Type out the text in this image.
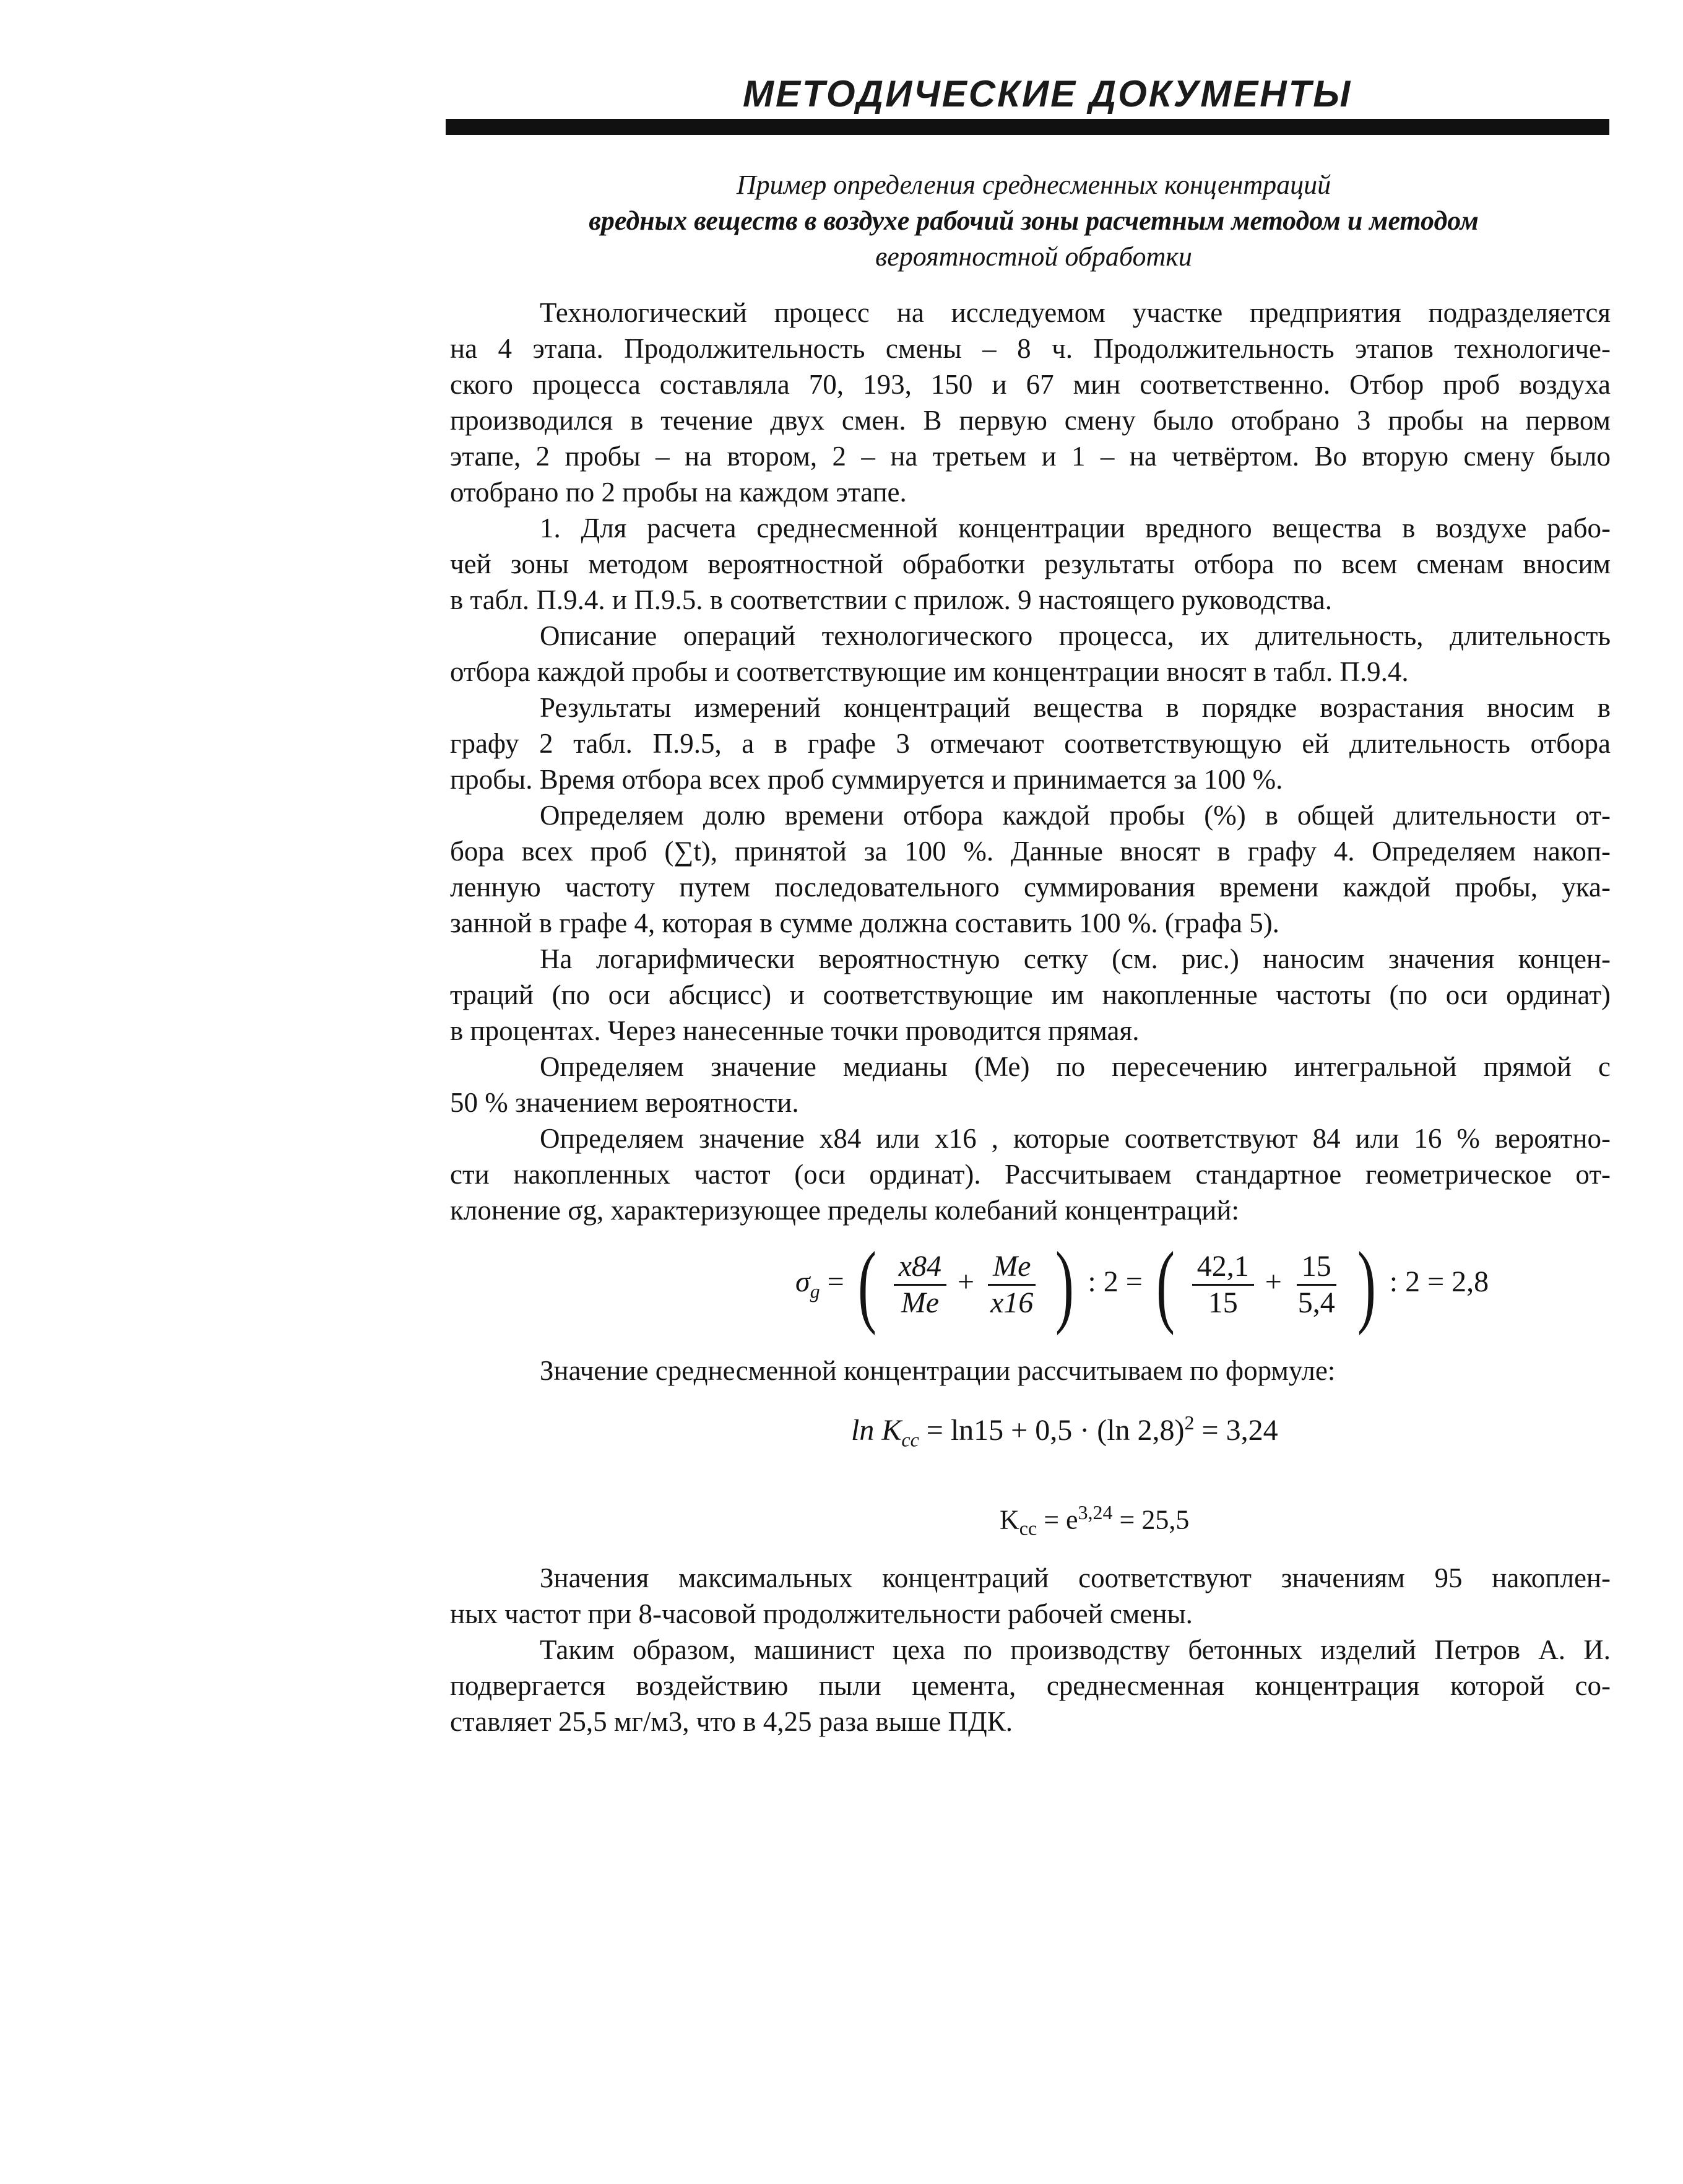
МЕТОДИЧЕСКИЕ ДОКУМЕНТЫ
Пример определения среднесменных концентраций
вредных веществ в воздухе рабочий зоны расчетным методом и методом
вероятностной обработки
Технологический процесс на исследуемом участке предприятия подразделяется
на 4 этапа. Продолжительность смены – 8 ч. Продолжительность этапов технологиче-
ского процесса составляла 70, 193, 150 и 67 мин соответственно. Отбор проб воздуха
производился в течение двух смен. В первую смену было отобрано 3 пробы на первом
этапе, 2 пробы – на втором, 2 – на третьем и 1 – на четвёртом. Во вторую смену было
отобрано по 2 пробы на каждом этапе.
1. Для расчета среднесменной концентрации вредного вещества в воздухе рабо-
чей зоны методом вероятностной обработки результаты отбора по всем сменам вносим
в табл. П.9.4. и П.9.5. в соответствии с прилож. 9 настоящего руководства.
Описание операций технологического процесса, их длительность, длительность
отбора каждой пробы и соответствующие им концентрации вносят в табл. П.9.4.
Результаты измерений концентраций вещества в порядке возрастания вносим в
графу 2 табл. П.9.5, а в графе 3 отмечают соответствующую ей длительность отбора
пробы. Время отбора всех проб суммируется и принимается за 100 %.
Определяем долю времени отбора каждой пробы (%) в общей длительности от-
бора всех проб (∑t), принятой за 100 %. Данные вносят в графу 4. Определяем накоп-
ленную частоту путем последовательного суммирования времени каждой пробы, ука-
занной в графе 4, которая в сумме должна составить 100 %. (графа 5).
На логарифмически вероятностную сетку (см. рис.) наносим значения концен-
траций (по оси абсцисс) и соответствующие им накопленные частоты (по оси ординат)
в процентах. Через нанесенные точки проводится прямая.
Определяем значение медианы (Ме) по пересечению интегральной прямой с
50 % значением вероятности.
Определяем значение x84 или x16 , которые соответствуют 84 или 16 % вероятно-
сти накопленных частот (оси ординат). Рассчитываем стандартное геометрическое от-
клонение σg, характеризующее пределы колебаний концентраций:
$\sigma_g$ = ( $\frac{x84}{Me} + \frac{Me}{x16}$ ) : 2 = ( $\frac{42,1}{15} + \frac{15}{5,4}$ ) : 2 = 2,8
Значение среднесменной концентрации рассчитываем по формуле:
$\ln K_{cc} = \ln 15 + 0,5 \cdot (\ln$ 2,8)$^2$ = 3,24
$K_{cc} = e^{3,24} = 25,5$
Значения максимальных концентраций соответствуют значениям 95 накоплен-
ных частот при 8-часовой продолжительности рабочей смены.
Таким образом, машинист цеха по производству бетонных изделий Петров А. И.
подвергается воздействию пыли цемента, среднесменная концентрация которой со-
ставляет 25,5 мг/м3, что в 4,25 раза выше ПДК.
